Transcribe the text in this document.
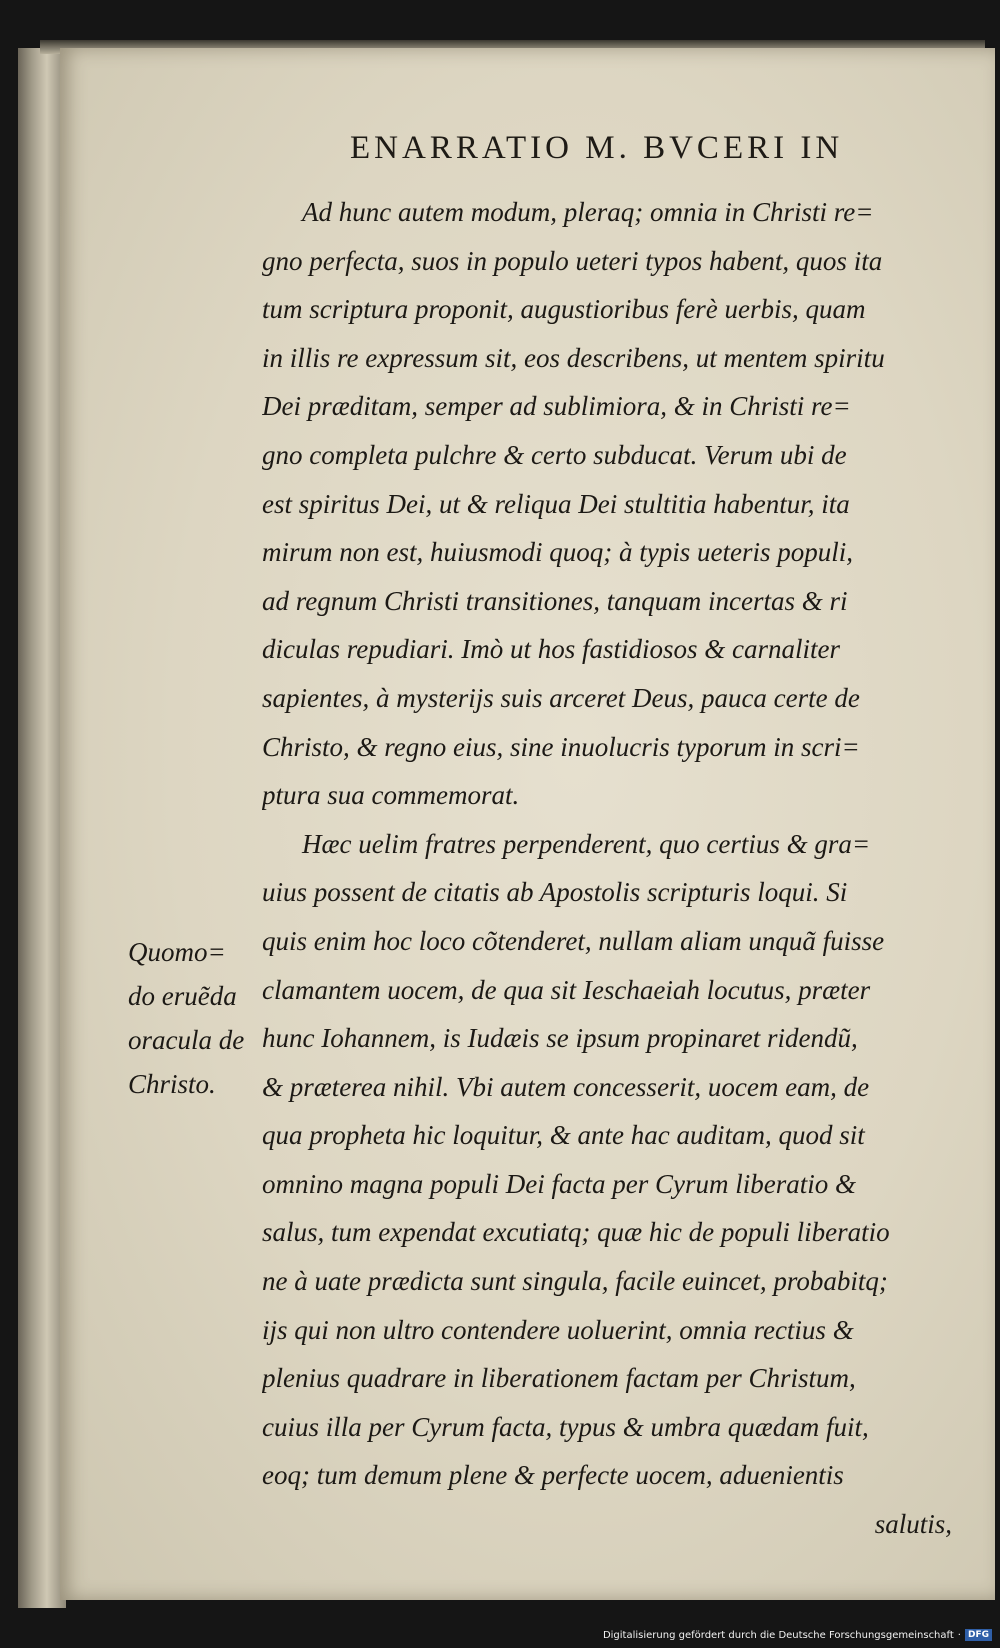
ENARRATIO M. BVCERI IN
Ad hunc autem modum, pleraq; omnia in Christi re=
gno perfecta, suos in populo ueteri typos habent, quos ita
tum scriptura proponit, augustioribus ferè uerbis, quam
in illis re expressum sit, eos describens, ut mentem spiritu
Dei præditam, semper ad sublimiora, & in Christi re=
gno completa pulchre & certo subducat. Verum ubi de
est spiritus Dei, ut & reliqua Dei stultitia habentur, ita
mirum non est, huiusmodi quoq; à typis ueteris populi,
ad regnum Christi transitiones, tanquam incertas & ri
diculas repudiari. Imò ut hos fastidiosos & carnaliter
sapientes, à mysterijs suis arceret Deus, pauca certe de
Christo, & regno eius, sine inuolucris typorum in scri=
ptura sua commemorat.
Hæc uelim fratres perpenderent, quo certius & gra=
uius possent de citatis ab Apostolis scripturis loqui. Si
quis enim hoc loco cõtenderet, nullam aliam unquã fuisse
clamantem uocem, de qua sit Ieschaeiah locutus, præter
hunc Iohannem, is Iudæis se ipsum propinaret ridendũ,
& præterea nihil. Vbi autem concesserit, uocem eam, de
qua propheta hic loquitur, & ante hac auditam, quod sit
omnino magna populi Dei facta per Cyrum liberatio &
salus, tum expendat excutiatq; quæ hic de populi liberatio
ne à uate prædicta sunt singula, facile euincet, probabitq;
ijs qui non ultro contendere uoluerint, omnia rectius &
plenius quadrare in liberationem factam per Christum,
cuius illa per Cyrum facta, typus & umbra quædam fuit,
eoq; tum demum plene & perfecte uocem, aduenientis
salutis,
Quomo=
do eruẽda
oracula de
Christo.
Digitalisierung gefördert durch die Deutsche Forschungsgemeinschaft · DFG
